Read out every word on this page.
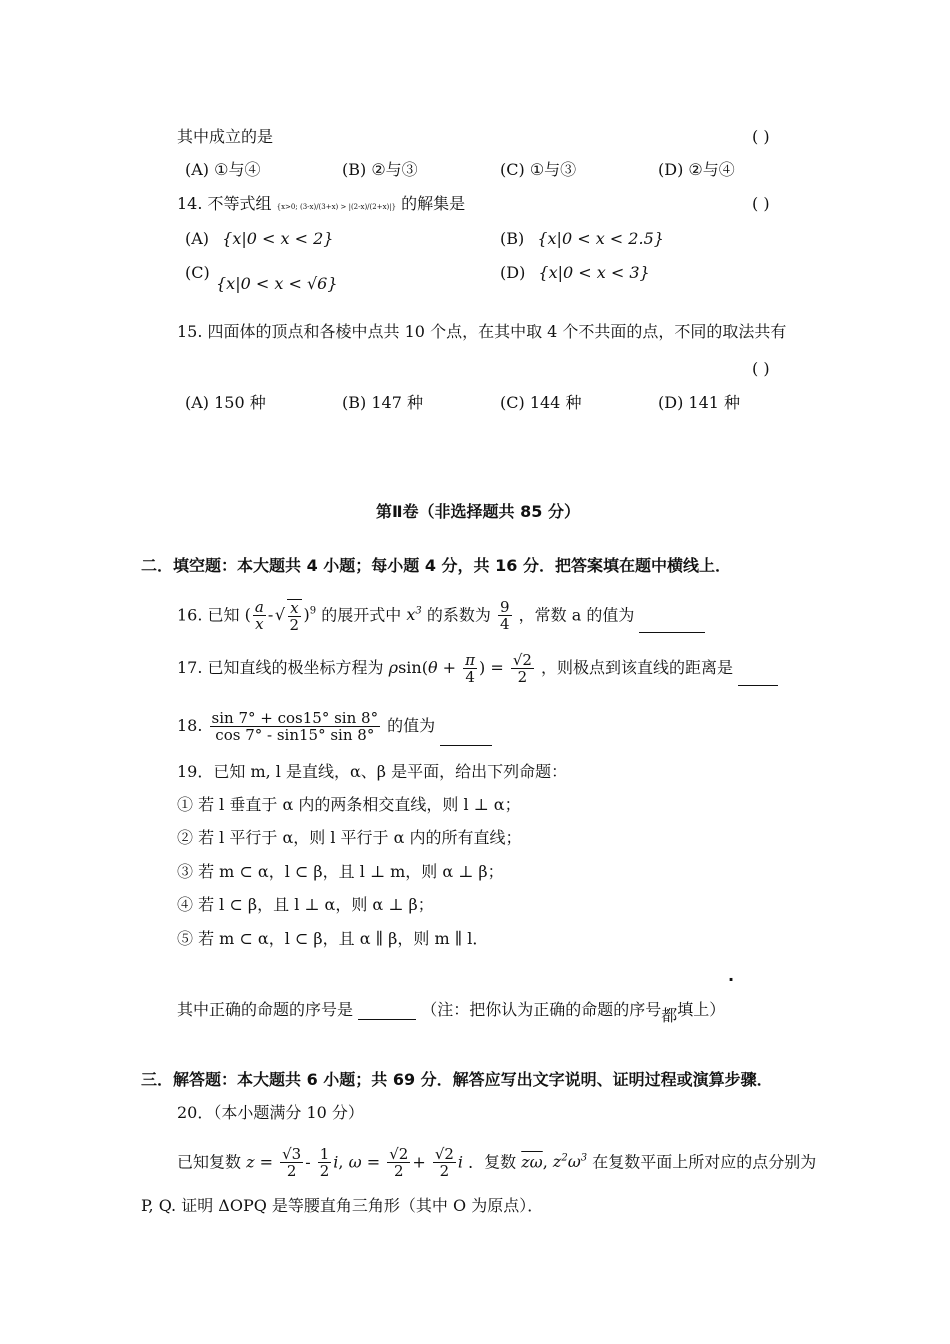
其中成立的是	( )
(A) ①与④	(B) ②与③	(C) ①与③	(D) ②与④
14. 不等式组 {x>0; (3-x)/(3+x) > |(2-x)/(2+x)|} 的解集是	( )
(A) {x|0 < x < 2}	(B) {x|0 < x < 2.5}
(C)
{x|0 < x < √6}
(D) {x|0 < x < 3}
15. 四面体的顶点和各棱中点共 10 个点，在其中取 4 个不共面的点，不同的取法共有
( )
(A) 150 种	(B) 147 种	(C) 144 种	(D) 141 种
第Ⅱ卷（非选择题共 85 分）
二．填空题：本大题共 4 小题；每小题 4 分，共 16 分．把答案填在题中横线上．
16. 已知 ( $\frac{a}{x}$ - √ $\frac{x}{2} )^9$ 的展开式中 $x^3$ 的系数为 $\frac{9}{4}$ ，常数 a 的值为
17. 已知直线的极坐标方程为 $\rho\sin(\theta + \frac{\pi}{4}$ ) = $\frac{√2}{2}$ ，则极点到该直线的距离是
18. $\frac{\sin 7^\circ + \cos 15^\circ \sin 8^\circ}{\cos 7^\circ - \sin 15^\circ \sin 8^\circ}$ 的值为
19．已知 m, l 是直线，α、β 是平面，给出下列命题：
① 若 l 垂直于 α 内的两条相交直线，则 l ⊥ α；
② 若 l 平行于 α，则 l 平行于 α 内的所有直线；
③ 若 m ⊂ α，l ⊂ β，且 l ⊥ m，则 α ⊥ β；
④ 若 l ⊂ β，且 l ⊥ α，则 α ⊥ β；
⑤ 若 m ⊂ α，l ⊂ β，且 α ∥ β，则 m ∥ l．
.
其中正确的命题的序号是	（注：把你认为正确的命题的序号都填上）
三．解答题：本大题共 6 小题；共 69 分．解答应写出文字说明、证明过程或演算步骤．
20．（本小题满分 10 分）
已知复数 $z = \frac{√3}{2} - \frac{1}{2} i$, $\omega = \frac{√2}{2} + \frac{√2}{2}$ i ．复数 $\overline{z\omega}$, $z^2\omega^3$ 在复数平面上所对应的点分别为
P, Q. 证明 ΔOPQ 是等腰直角三角形（其中 O 为原点）．
